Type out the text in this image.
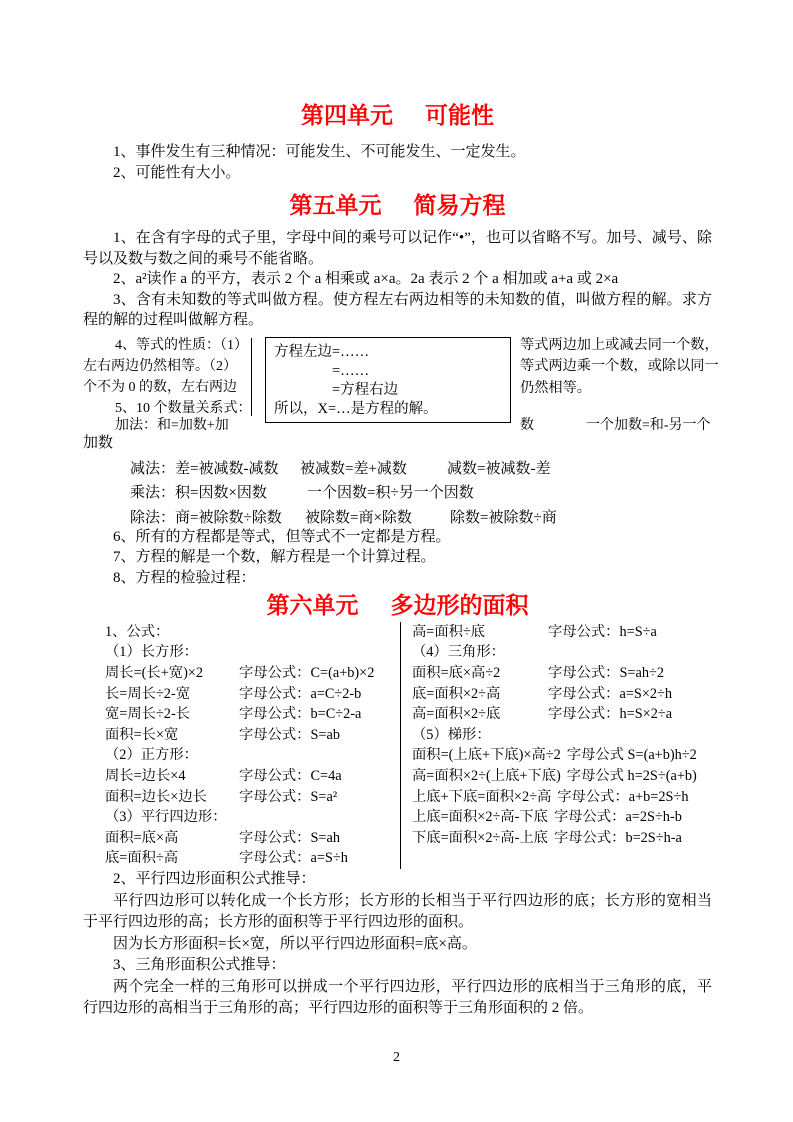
第四单元 可能性

1、事件发生有三种情况：可能发生、不可能发生、一定发生。

2、可能性有大小。

第五单元 简易方程

1、在含有字母的式子里，字母中间的乘号可以记作“•”，也可以省略不写。加号、减号、除号以及数与数之间的乘号不能省略。

2、a²读作 a 的平方，表示 2 个 a 相乘或 a×a。2a 表示 2 个 a 相加或 a+a 或 2×a

3、含有未知数的等式叫做方程。使方程左右两边相等的未知数的值，叫做方程的解。求方程的解的过程叫做解方程。

4、等式的性质：（1）
左右两边仍然相等。（2）
个不为 0 的数，左右两边
5、10 个数量关系式：
加法：和=加数+加
方程左边=……
=……
=方程右边
所以，X=…是方程的解。
等式两边加上或减去同一个数，
等式两边乘一个数，或除以同一
仍然相等。
数	一个加数=和-另一个
加数
减法：差=被减数-减数 被减数=差+减数	减数=被减数-差
乘法：积=因数×因数	一个因数=积÷另一个因数
除法：商=被除数÷除数 被除数=商×除数	除数=被除数÷商

6、所有的方程都是等式，但等式不一定都是方程。

7、方程的解是一个数，解方程是一个计算过程。

8、方程的检验过程：

第六单元 多边形的面积
1、公式：
（1）长方形：
周长=(长+宽)×2	字母公式：C=(a+b)×2
长=周长÷2-宽	字母公式：a=C÷2-b
宽=周长÷2-长	字母公式：b=C÷2-a
面积=长×宽	字母公式：S=ab
（2）正方形：
周长=边长×4	字母公式：C=4a
面积=边长×边长	字母公式：S=a²
（3）平行四边形：
面积=底×高	字母公式：S=ah
底=面积÷高	字母公式：a=S÷h
高=面积÷底	字母公式：h=S÷a
（4）三角形：
面积=底×高÷2	字母公式：S=ah÷2
底=面积×2÷高	字母公式：a=S×2÷h
高=面积×2÷底	字母公式：h=S×2÷a
（5）梯形：
面积=(上底+下底)×高÷2 字母公式 S=(a+b)h÷2
高=面积×2÷(上底+下底) 字母公式 h=2S÷(a+b)
上底+下底=面积×2÷高 字母公式：a+b=2S÷h
上底=面积×2÷高-下底 字母公式：a=2S÷h-b
下底=面积×2÷高-上底 字母公式：b=2S÷h-a

2、平行四边形面积公式推导：

平行四边形可以转化成一个长方形；长方形的长相当于平行四边形的底；长方形的宽相当于平行四边形的高；长方形的面积等于平行四边形的面积。

因为长方形面积=长×宽，所以平行四边形面积=底×高。

3、三角形面积公式推导：

两个完全一样的三角形可以拼成一个平行四边形，平行四边形的底相当于三角形的底，平行四边形的高相当于三角形的高；平行四边形的面积等于三角形面积的 2 倍。

2
